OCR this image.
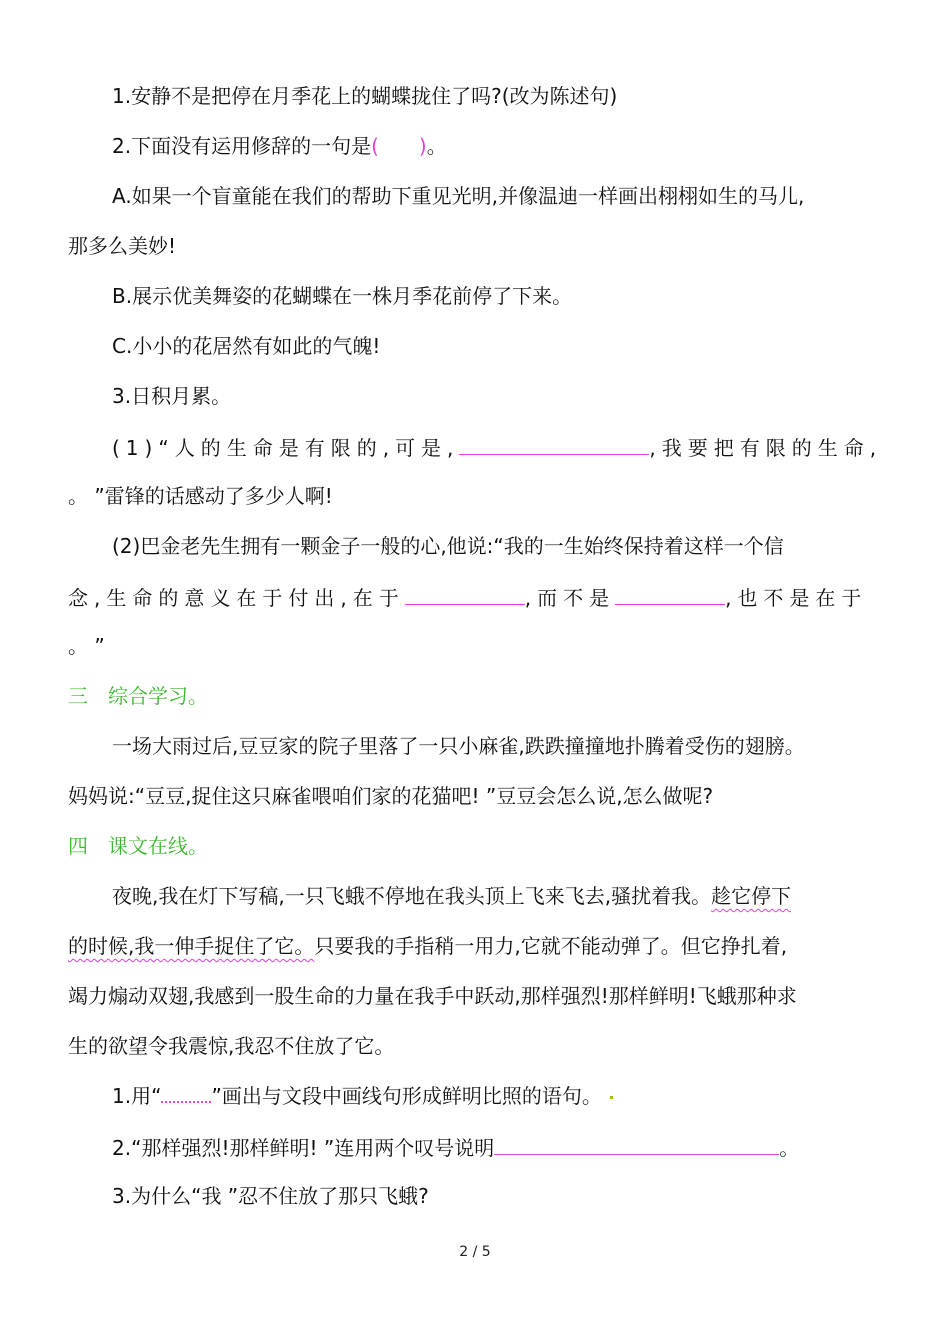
1.安静不是把停在月季花上的蝴蝶拢住了吗?(改为陈述句)
2.下面没有运用修辞的一句是( )。
A.如果一个盲童能在我们的帮助下重见光明,并像温迪一样画出栩栩如生的马儿,
那多么美妙!
B.展示优美舞姿的花蝴蝶在一株月季花前停了下来。
C.小小的花居然有如此的气魄!
3.日积月累。
(1)“人的生命是有限的,可是,	,我要把有限的生命,
。 ”雷锋的话感动了多少人啊!
(2)巴金老先生拥有一颗金子一般的心,他说:“我的一生始终保持着这样一个信
念,生命的意义在于付出,在于	,而不是	,也不是在于
。 ”
三　综合学习。
一场大雨过后,豆豆家的院子里落了一只小麻雀,跌跌撞撞地扑腾着受伤的翅膀。
妈妈说:“豆豆,捉住这只麻雀喂咱们家的花猫吧! ”豆豆会怎么说,怎么做呢?
四　课文在线。
夜晚,我在灯下写稿,一只飞蛾不停地在我头顶上飞来飞去,骚扰着我。趁它停下
的时候,我一伸手捉住了它。只要我的手指稍一用力,它就不能动弹了。但它挣扎着,
竭力煽动双翅,我感到一股生命的力量在我手中跃动,那样强烈!那样鲜明!飞蛾那种求
生的欲望令我震惊,我忍不住放了它。
1.用“	”画出与文段中画线句形成鲜明比照的语句。
2.“那样强烈!那样鲜明! ”连用两个叹号说明	。
3.为什么“我 ”忍不住放了那只飞蛾?
2 / 5
